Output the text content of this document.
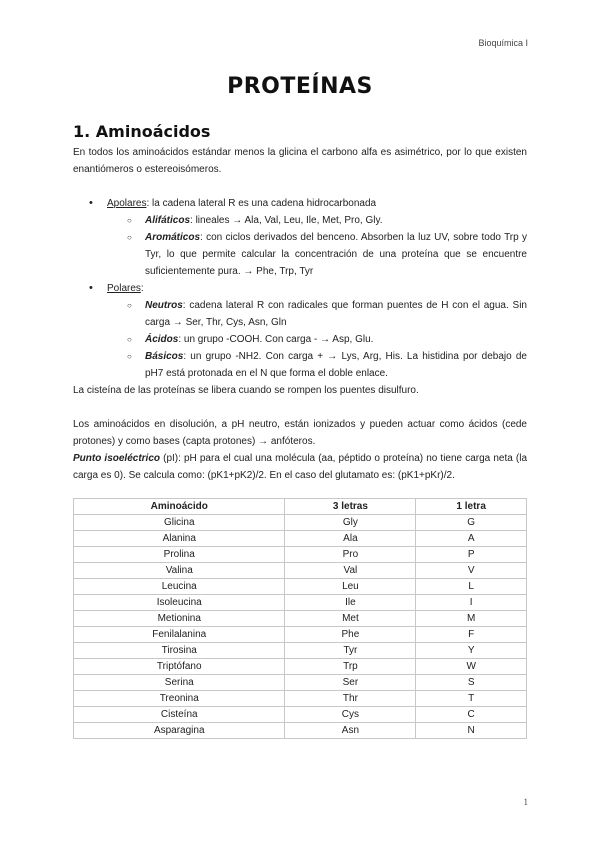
Bioquímica I
PROTEÍNAS
1. Aminoácidos

En todos los aminoácidos estándar menos la glicina el carbono alfa es asimétrico, por lo que existen enantiómeros o estereoisómeros.

• Apolares: la cadena lateral R es una cadena hidrocarbonada
○ Alifáticos: lineales → Ala, Val, Leu, Ile, Met, Pro, Gly.
○ Aromáticos: con ciclos derivados del benceno. Absorben la luz UV, sobre todo Trp y Tyr, lo que permite calcular la concentración de una proteína que se encuentre suficientemente pura. → Phe, Trp, Tyr
• Polares:
○ Neutros: cadena lateral R con radicales que forman puentes de H con el agua. Sin carga → Ser, Thr, Cys, Asn, Gln
○ Ácidos: un grupo -COOH. Con carga - → Asp, Glu.
○ Básicos: un grupo -NH2. Con carga + → Lys, Arg, His. La histidina por debajo de pH7 está protonada en el N que forma el doble enlace.

La cisteína de las proteínas se libera cuando se rompen los puentes disulfuro.

Los aminoácidos en disolución, a pH neutro, están ionizados y pueden actuar como ácidos (cede protones) y como bases (capta protones) → anfóteros.

Punto isoeléctrico (pI): pH para el cual una molécula (aa, péptido o proteína) no tiene carga neta (la carga es 0). Se calcula como: (pK1+pK2)/2. En el caso del glutamato es: (pK1+pKr)/2.

Aminoácido	3 letras	1 letra
Glicina	Gly	G
Alanina	Ala	A
Prolina	Pro	P
Valina	Val	V
Leucina	Leu	L
Isoleucina	Ile	I
Metionina	Met	M
Fenilalanina	Phe	F
Tirosina	Tyr	Y
Triptófano	Trp	W
Serina	Ser	S
Treonina	Thr	T
Cisteína	Cys	C
Asparagina	Asn	N
1
